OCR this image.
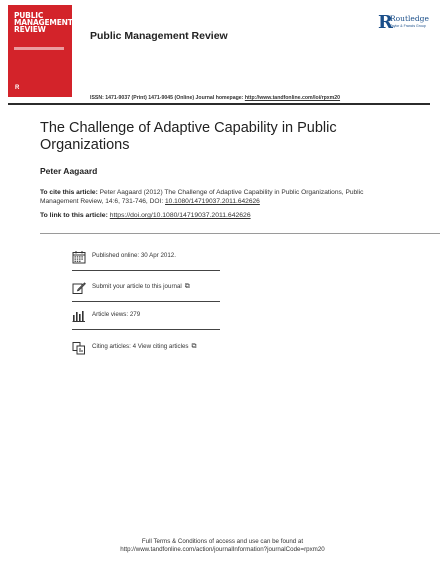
PUBLIC MANAGEMENT REVIEW
R
Public Management Review
R
Routledge
Taylor & Francis Group
ISSN: 1471-9037 (Print) 1471-9045 (Online) Journal homepage: http://www.tandfonline.com/loi/rpxm20
The Challenge of Adaptive Capability in Public Organizations
Peter Aagaard
To cite this article: Peter Aagaard (2012) The Challenge of Adaptive Capability in Public Organizations, Public Management Review, 14:6, 731-746, DOI: 10.1080/14719037.2011.642626
To link to this article: https://doi.org/10.1080/14719037.2011.642626
Published online: 30 Apr 2012.
Submit your article to this journal ⧉
Article views: 279
Citing articles: 4 View citing articles ⧉
Full Terms & Conditions of access and use can be found at
http://www.tandfonline.com/action/journalInformation?journalCode=rpxm20
